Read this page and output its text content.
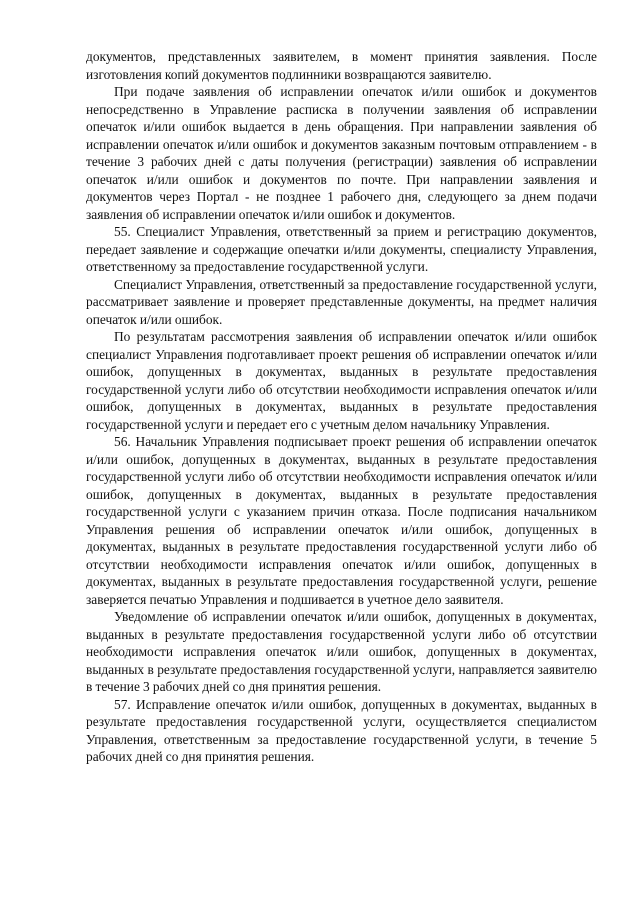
документов, представленных заявителем, в момент принятия заявления. После изготовления копий документов подлинники возвращаются заявителю.

При подаче заявления об исправлении опечаток и/или ошибок и документов непосредственно в Управление расписка в получении заявления об исправлении опечаток и/или ошибок выдается в день обращения. При направлении заявления об исправлении опечаток и/или ошибок и документов заказным почтовым отправлением - в течение 3 рабочих дней с даты получения (регистрации) заявления об исправлении опечаток и/или ошибок и документов по почте. При направлении заявления и документов через Портал - не позднее 1 рабочего дня, следующего за днем подачи заявления об исправлении опечаток и/или ошибок и документов.

55. Специалист Управления, ответственный за прием и регистрацию документов, передает заявление и содержащие опечатки и/или документы, специалисту Управления, ответственному за предоставление государственной услуги.

Специалист Управления, ответственный за предоставление государственной услуги, рассматривает заявление и проверяет представленные документы, на предмет наличия опечаток и/или ошибок.

По результатам рассмотрения заявления об исправлении опечаток и/или ошибок специалист Управления подготавливает проект решения об исправлении опечаток и/или ошибок, допущенных в документах, выданных в результате предоставления государственной услуги либо об отсутствии необходимости исправления опечаток и/или ошибок, допущенных в документах, выданных в результате предоставления государственной услуги и передает его с учетным делом начальнику Управления.

56. Начальник Управления подписывает проект решения об исправлении опечаток и/или ошибок, допущенных в документах, выданных в результате предоставления государственной услуги либо об отсутствии необходимости исправления опечаток и/или ошибок, допущенных в документах, выданных в результате предоставления государственной услуги с указанием причин отказа. После подписания начальником Управления решения об исправлении опечаток и/или ошибок, допущенных в документах, выданных в результате предоставления государственной услуги либо об отсутствии необходимости исправления опечаток и/или ошибок, допущенных в документах, выданных в результате предоставления государственной услуги, решение заверяется печатью Управления и подшивается в учетное дело заявителя.

Уведомление об исправлении опечаток и/или ошибок, допущенных в документах, выданных в результате предоставления государственной услуги либо об отсутствии необходимости исправления опечаток и/или ошибок, допущенных в документах, выданных в результате предоставления государственной услуги, направляется заявителю в течение 3 рабочих дней со дня принятия решения.

57. Исправление опечаток и/или ошибок, допущенных в документах, выданных в результате предоставления государственной услуги, осуществляется специалистом Управления, ответственным за предоставление государственной услуги, в течение 5 рабочих дней со дня принятия решения.
